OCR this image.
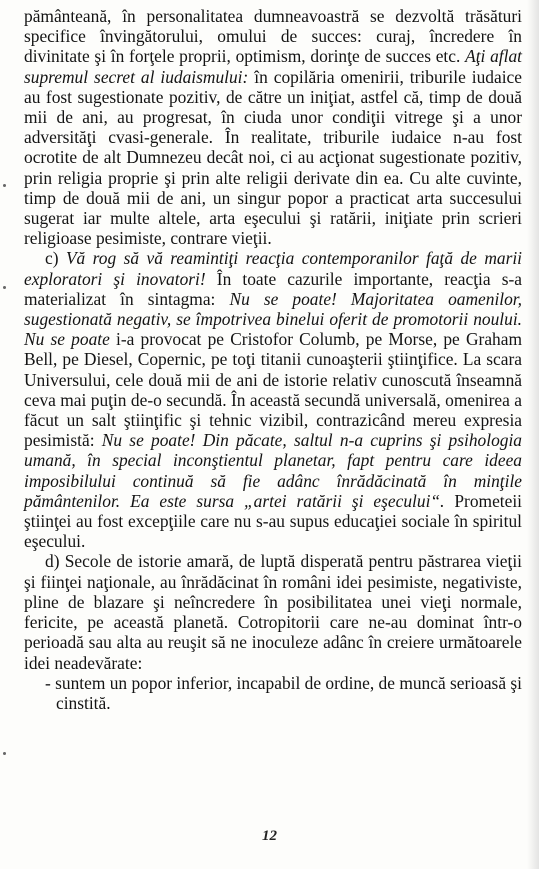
pământeană, în personalitatea dumneavoastră se dezvoltă trăsături specifice învingătorului, omului de succes: curaj, încredere în divinitate şi în forţele proprii, optimism, dorinţe de succes etc. Aţi aflat supremul secret al iudaismului: în copilăria omenirii, triburile iudaice au fost sugestionate pozitiv, de către un iniţiat, astfel că, timp de două mii de ani, au progresat, în ciuda unor condiţii vitrege şi a unor adversităţi cvasi-generale. În realitate, triburile iudaice n-au fost ocrotite de alt Dumnezeu decât noi, ci au acţionat sugestionate pozitiv, prin religia proprie şi prin alte religii derivate din ea. Cu alte cuvinte, timp de două mii de ani, un singur popor a practicat arta succesului sugerat iar multe altele, arta eşecului şi ratării, iniţiate prin scrieri religioase pesimiste, contrare vieţii.

c) Vă rog să vă reamintiţi reacţia contemporanilor faţă de marii exploratori şi inovatori! În toate cazurile importante, reacţia s-a materializat în sintagma: Nu se poate! Majoritatea oamenilor, sugestionată negativ, se împotrivea binelui oferit de promotorii noului. Nu se poate i-a provocat pe Cristofor Columb, pe Morse, pe Graham Bell, pe Diesel, Copernic, pe toţi titanii cunoaşterii ştiinţifice. La scara Universului, cele două mii de ani de istorie relativ cunoscută înseamnă ceva mai puţin de-o secundă. În această secundă universală, omenirea a făcut un salt ştiinţific şi tehnic vizibil, contrazicând mereu expresia pesimistă: Nu se poate! Din păcate, saltul n-a cuprins şi psihologia umană, în special inconştientul planetar, fapt pentru care ideea imposibilului continuă să fie adânc înrădăcinată în minţile pământenilor. Ea este sursa „artei ratării şi eşecului“. Prometeii ştiinţei au fost excepţiile care nu s-au supus educaţiei sociale în spiritul eşecului.

d) Secole de istorie amară, de luptă disperată pentru păstrarea vieţii şi fiinţei naţionale, au înrădăcinat în români idei pesimiste, negativiste, pline de blazare şi neîncredere în posibilitatea unei vieţi normale, fericite, pe această planetă. Cotropitorii care ne-au dominat într-o perioadă sau alta au reuşit să ne inoculeze adânc în creiere următoarele idei neadevărate:

- suntem un popor inferior, incapabil de ordine, de muncă serioasă şi cinstită.

12
